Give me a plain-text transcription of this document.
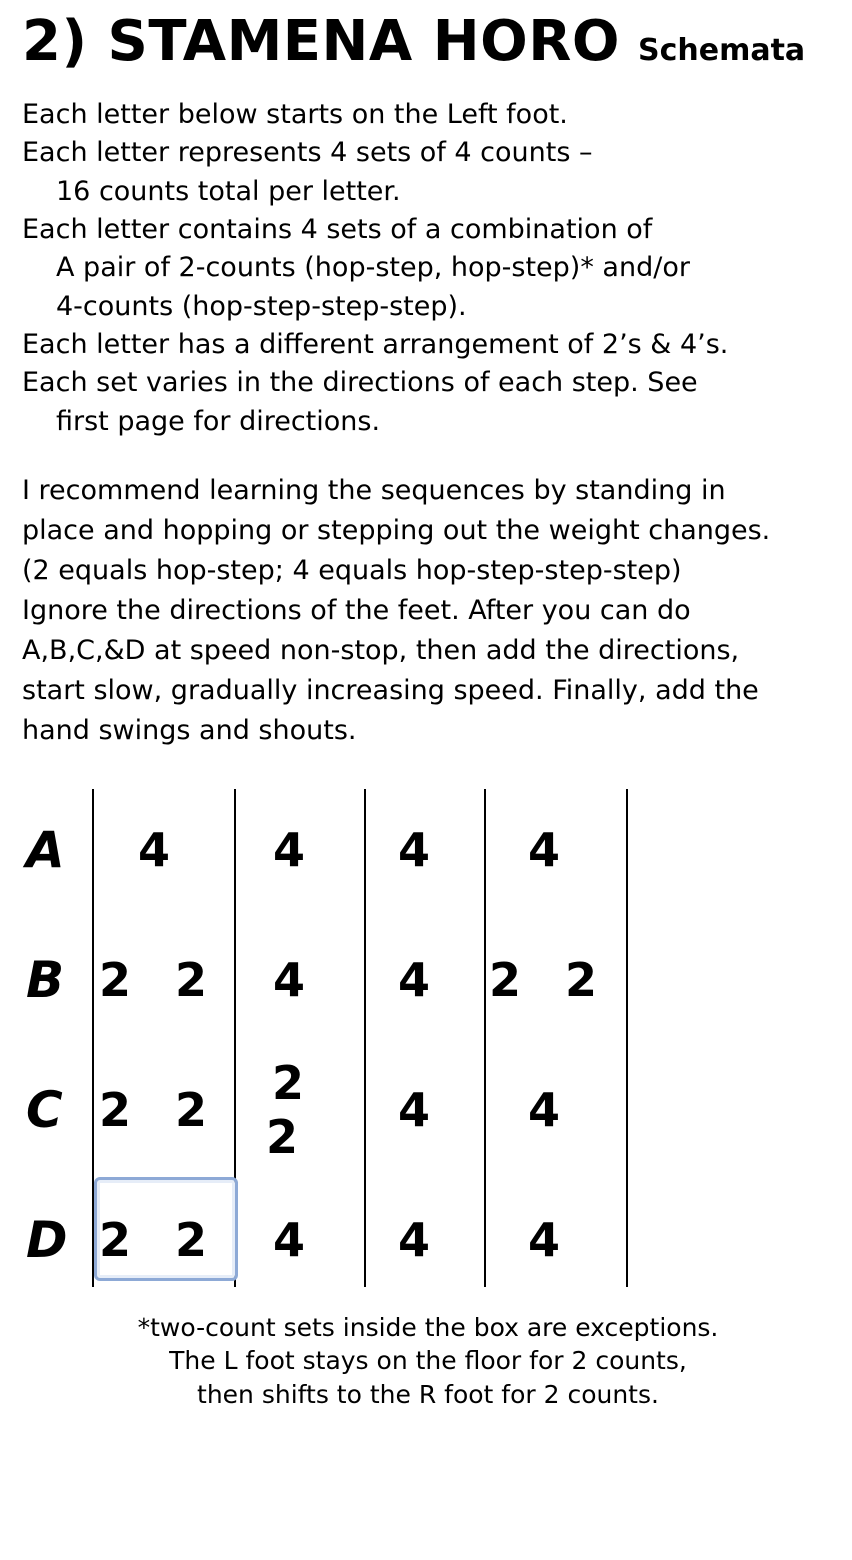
2) STAMENA HORO Schemata
Each letter below starts on the Left foot.
Each letter represents 4 sets of 4 counts –
16 counts total per letter.
Each letter contains 4 sets of a combination of
A pair of 2-counts (hop-step, hop-step)* and/or
4-counts (hop-step-step-step).
Each letter has a different arrangement of 2’s & 4’s.
Each set varies in the directions of each step. See
first page for directions.
I recommend learning the sequences by standing in
place and hopping or stepping out the weight changes.
(2 equals hop-step; 4 equals hop-step-step-step)
Ignore the directions of the feet. After you can do
A,B,C,&D at speed non-stop, then add the directions,
start slow, gradually increasing speed. Finally, add the
hand swings and shouts.
A	4	4	4	4
B 2 2	4	4	2 2
C 2 2	2 2	4	4
D 2 2	4	4	4
*two-count sets inside the box are exceptions.
The L foot stays on the floor for 2 counts,
then shifts to the R foot for 2 counts.
